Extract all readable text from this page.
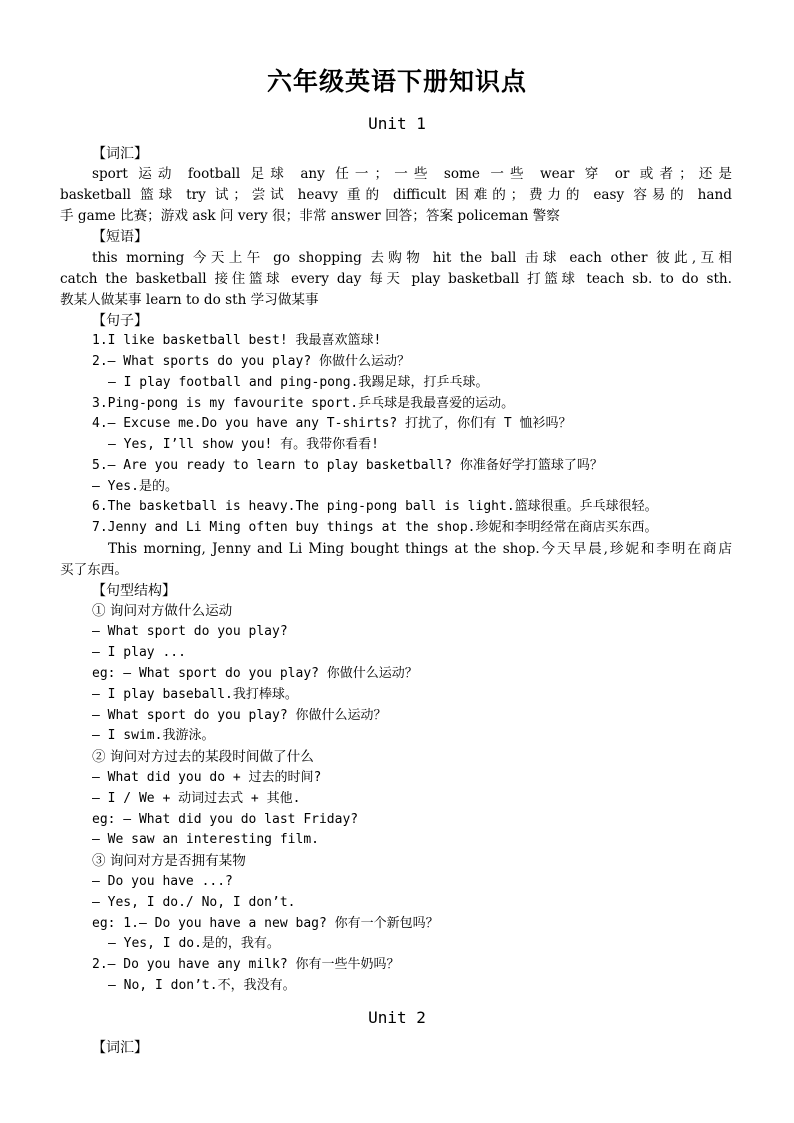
六年级英语下册知识点
Unit 1
【词汇】
sport 运动 football 足球 any 任一；一些 some 一些 wear 穿 or 或者；还是
basketball 篮球 try 试；尝试 heavy 重的 difficult 困难的；费力的 easy 容易的 hand
手 game 比赛；游戏 ask 问 very 很；非常 answer 回答；答案 policeman 警察
【短语】
this morning 今天上午 go shopping 去购物 hit the ball 击球 each other 彼此,互相
catch the basketball 接住篮球 every day 每天 play basketball 打篮球 teach sb. to do sth.
教某人做某事 learn to do sth 学习做某事
【句子】
1.I like basketball best! 我最喜欢篮球!
2.— What sports do you play? 你做什么运动？
— I play football and ping-pong.我踢足球，打乒乓球。
3.Ping-pong is my favourite sport.乒乓球是我最喜爱的运动。
4.— Excuse me.Do you have any T-shirts? 打扰了，你们有 T 恤衫吗？
— Yes, I’ll show you! 有。我带你看看!
5.— Are you ready to learn to play basketball? 你准备好学打篮球了吗？
— Yes.是的。
6.The basketball is heavy.The ping-pong ball is light.篮球很重。乒乓球很轻。
7.Jenny and Li Ming often buy things at the shop.珍妮和李明经常在商店买东西。
This morning, Jenny and Li Ming bought things at the shop.今天早晨,珍妮和李明在商店
买了东西。
【句型结构】
① 询问对方做什么运动
— What sport do you play?
— I play ...
eg: — What sport do you play? 你做什么运动？
— I play baseball.我打棒球。
— What sport do you play? 你做什么运动？
— I swim.我游泳。
② 询问对方过去的某段时间做了什么
— What did you do + 过去的时间?
— I / We + 动词过去式 + 其他.
eg: — What did you do last Friday?
— We saw an interesting film.
③ 询问对方是否拥有某物
— Do you have ...?
— Yes, I do./ No, I don’t.
eg: 1.— Do you have a new bag? 你有一个新包吗？
— Yes, I do.是的，我有。
2.— Do you have any milk? 你有一些牛奶吗？
— No, I don’t.不，我没有。
Unit 2
【词汇】
